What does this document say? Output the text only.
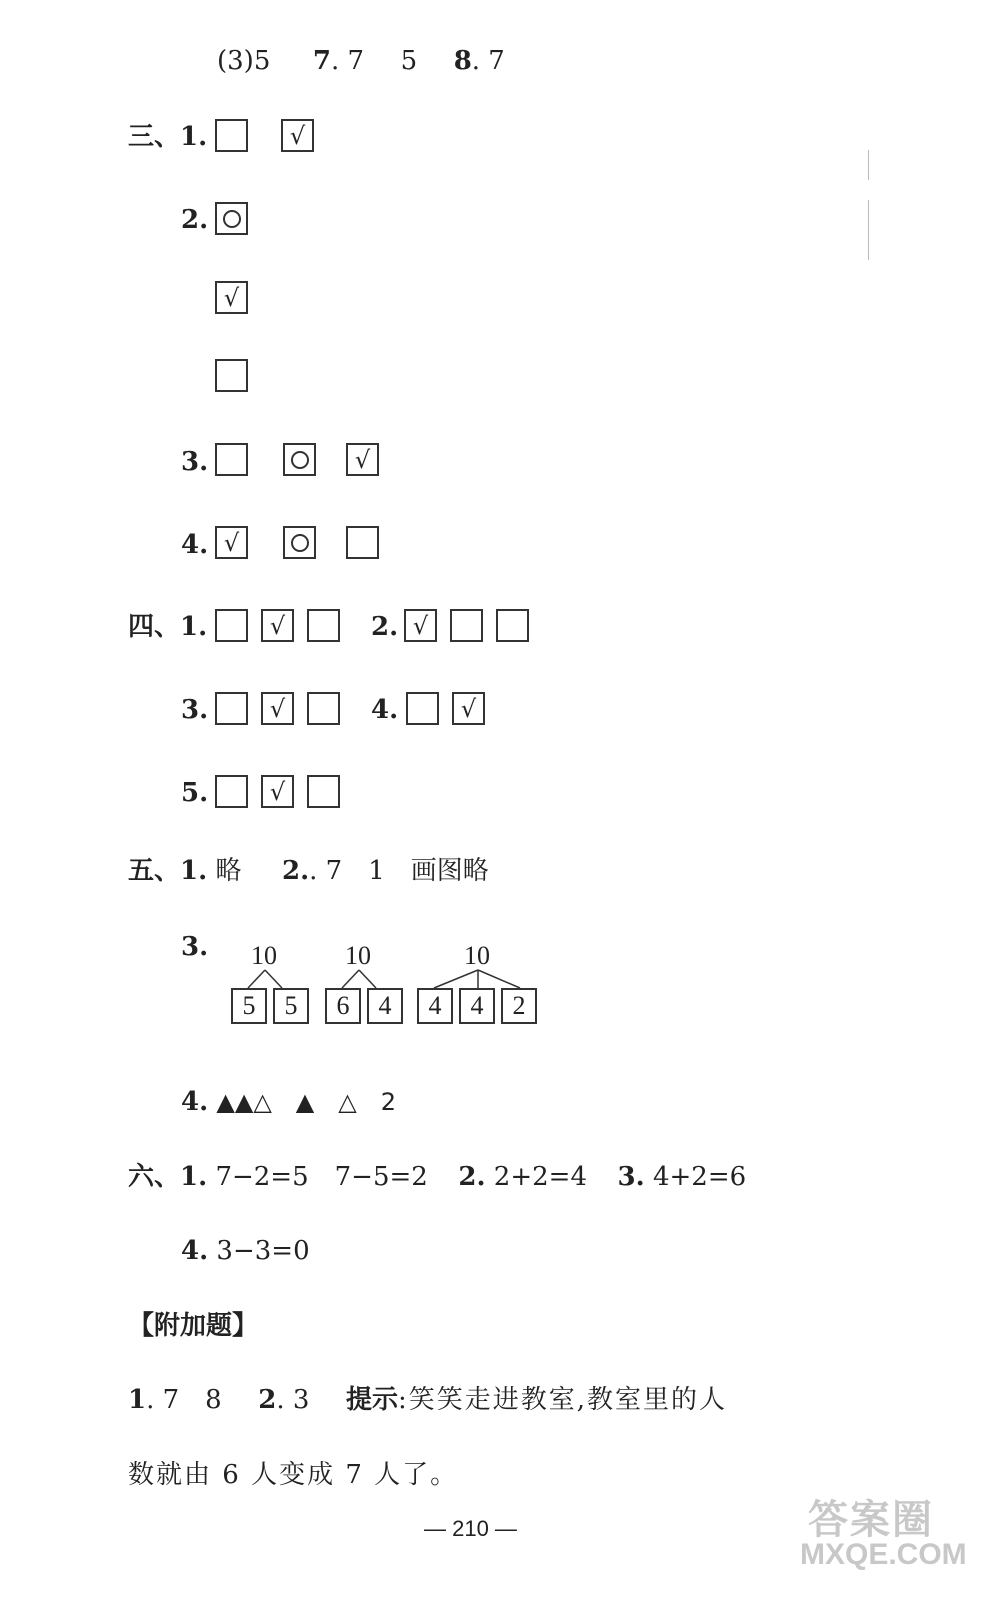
(3)5 7. 7 5 8. 7
三、1.	√
2.
√
3.	√
4. √
四、1.	√	2. √
3.	√	4.	√
5.	√
五、1. 略 2.. 7　1　画图略
3. 10	10	10
5	5	6	4	4	4	2
4. ▲▲△　▲　△　2
六、1. 7−2=5　7−5=2 2. 2+2=4 3. 4+2=6
4. 3−3=0
【附加题】
1. 7　8 2. 3 提示:笑笑走进教室,教室里的人
数就由 6 人变成 7 人了。
— 210 —	答案圈
MXQE.COM
